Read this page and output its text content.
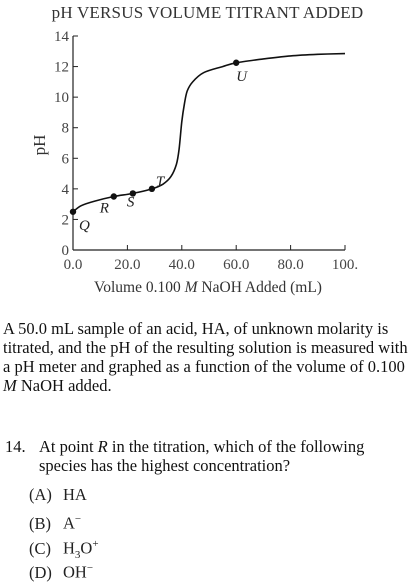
pH VERSUS VOLUME TITRANT ADDED
0
2
4
6
8
10
12
14
0.0 20.0 40.0 60.0 80.0 100.
Q
R S
T
U
pH
Volume 0.100 M NaOH Added (mL)
A 50.0 mL sample of an acid, HA, of unknown molarity is titrated, and the pH of the resulting solution is measured with a pH meter and graphed as a function of the volume of 0.100 M NaOH added.
14. At point R in the titration, which of the following species has the highest concentration?
(A) HA
(B) A−
(C) $H_3O^+$
(D) OH−
